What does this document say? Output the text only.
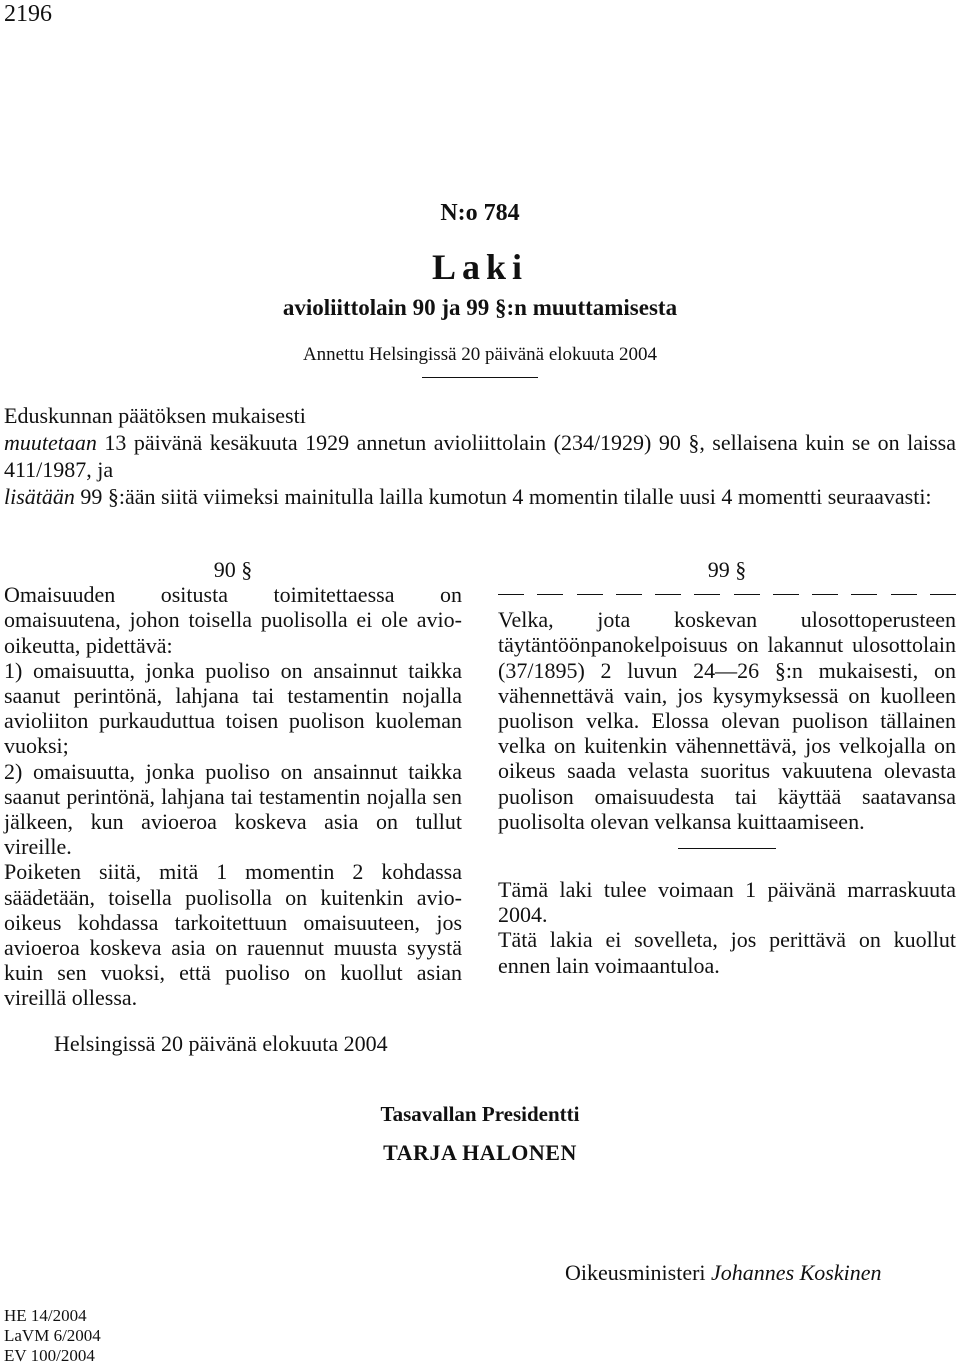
2196
N:o 784
Laki
avioliittolain 90 ja 99 §:n muuttamisesta
Annettu Helsingissä 20 päivänä elokuuta 2004

Eduskunnan päätöksen mukaisesti

muutetaan 13 päivänä kesäkuuta 1929 annetun avioliittolain (234/1929) 90 §, sellaisena kuin se on laissa 411/1987, ja

lisätään 99 §:ään siitä viimeksi mainitulla lailla kumotun 4 momentin tilalle uusi 4 momentti seuraavasti:

90 §

Omaisuuden ositusta toimitettaessa on omaisuutena, johon toisella puolisolla ei ole avio-oikeutta, pidettävä:

1) omaisuutta, jonka puoliso on ansainnut taikka saanut perintönä, lahjana tai testamentin nojalla avioliiton purkauduttua toisen puolison kuoleman vuoksi;

2) omaisuutta, jonka puoliso on ansainnut taikka saanut perintönä, lahjana tai testamentin nojalla sen jälkeen, kun avioeroa koskeva asia on tullut vireille.

Poiketen siitä, mitä 1 momentin 2 kohdassa säädetään, toisella puolisolla on kuitenkin avio-oikeus kohdassa tarkoitettuun omaisuuteen, jos avioeroa koskeva asia on rauennut muusta syystä kuin sen vuoksi, että puoliso on kuollut asian vireillä ollessa.

99 §

Velka, jota koskevan ulosottoperusteen täytäntöönpanokelpoisuus on lakannut ulosottolain (37/1895) 2 luvun 24—26 §:n mukaisesti, on vähennettävä vain, jos kysymyksessä on kuolleen puolison velka. Elossa olevan puolison tällainen velka on kuitenkin vähennettävä, jos velkojalla on oikeus saada velasta suoritus vakuutena olevasta puolison omaisuudesta tai käyttää saatavansa puolisolta olevan velkansa kuittaamiseen.

Tämä laki tulee voimaan 1 päivänä marraskuuta 2004.

Tätä lakia ei sovelleta, jos perittävä on kuollut ennen lain voimaantuloa.

Helsingissä 20 päivänä elokuuta 2004
Tasavallan Presidentti
TARJA HALONEN
Oikeusministeri Johannes Koskinen
HE 14/2004
LaVM 6/2004
EV 100/2004
